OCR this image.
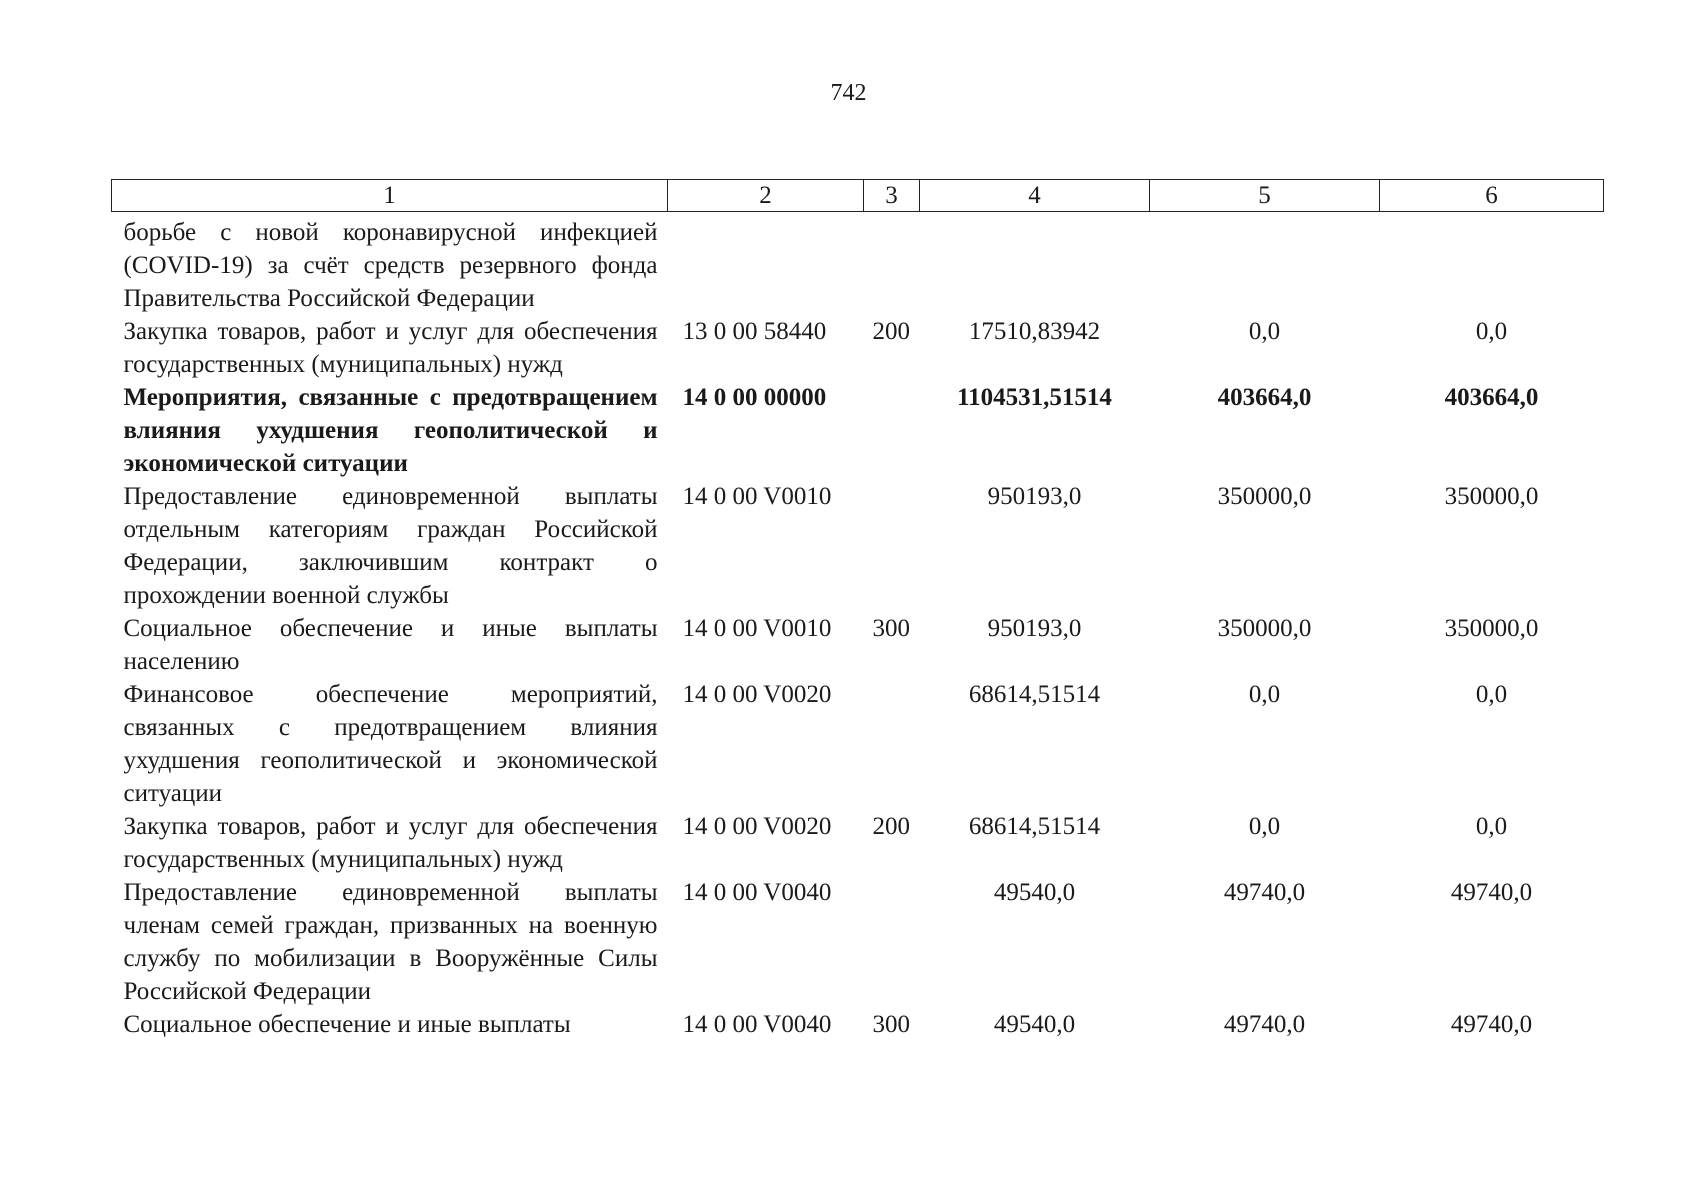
742
1	2	3	4	5	6
борьбе с новой коронавирусной инфекцией (COVID-19) за счёт средств резервного фонда Правительства Российской Федерации					
Закупка товаров, работ и услуг для обеспечения государственных (муниципальных) нужд	13 0 00 58440	200	17510,83942	0,0	0,0
Мероприятия, связанные с предотвращением влияния ухудшения геополитической и экономической ситуации	14 0 00 00000		1104531,51514	403664,0	403664,0
Предоставление единовременной выплаты отдельным категориям граждан Российской Федерации, заключившим контракт о прохождении военной службы	14 0 00 V0010		950193,0	350000,0	350000,0
Социальное обеспечение и иные выплаты населению	14 0 00 V0010	300	950193,0	350000,0	350000,0
Финансовое обеспечение мероприятий, связанных с предотвращением влияния ухудшения геополитической и экономической ситуации	14 0 00 V0020		68614,51514	0,0	0,0
Закупка товаров, работ и услуг для обеспечения государственных (муниципальных) нужд	14 0 00 V0020	200	68614,51514	0,0	0,0
Предоставление единовременной выплаты членам семей граждан, призванных на военную службу по мобилизации в Вооружённые Силы Российской Федерации	14 0 00 V0040		49540,0	49740,0	49740,0
Социальное обеспечение и иные выплаты	14 0 00 V0040	300	49540,0	49740,0	49740,0
